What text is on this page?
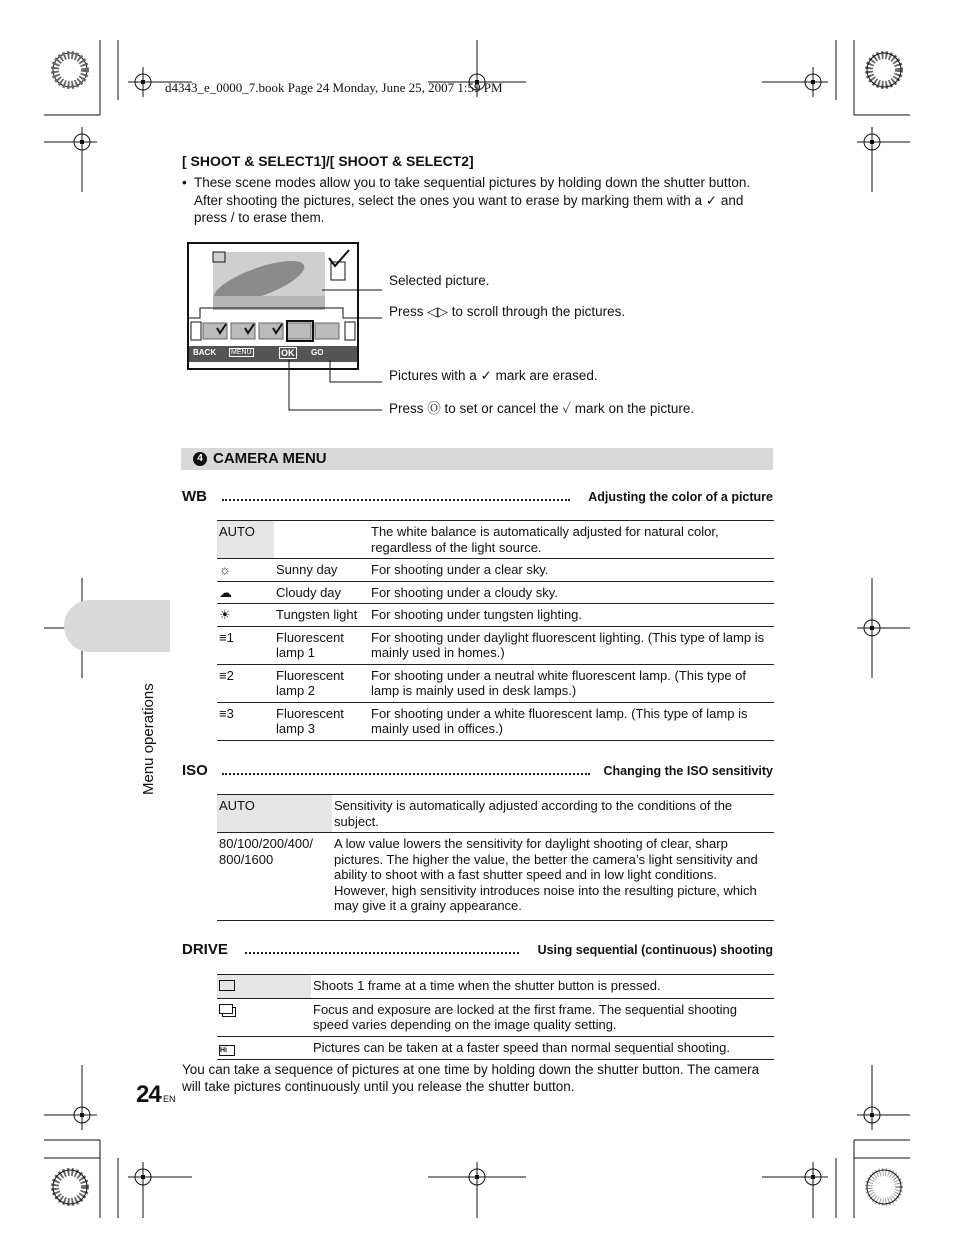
d4343_e_0000_7.book Page 24 Monday, June 25, 2007 1:59 PM
[ SHOOT & SELECT1]/[ SHOOT & SELECT2]
• These scene modes allow you to take sequential pictures by holding down the shutter button. After shooting the pictures, select the ones you want to erase by marking them with a ✓ and press / to erase them.
BACK MENU	OK GO
Selected picture.
Press ◁▷ to scroll through the pictures.
Pictures with a ✓ mark are erased.
Press Ⓞ to set or cancel the ✓ mark on the picture.
4 CAMERA MENU
WB	Adjusting the color of a picture
AUTO		The white balance is automatically adjusted for natural color, regardless of the light source.
☼	Sunny day	For shooting under a clear sky.
☁	Cloudy day	For shooting under a cloudy sky.
☀	Tungsten light	For shooting under tungsten lighting.
≡1	Fluorescent lamp 1	For shooting under daylight fluorescent lighting. (This type of lamp is mainly used in homes.)
≡2	Fluorescent lamp 2	For shooting under a neutral white fluorescent lamp. (This type of lamp is mainly used in desk lamps.)
≡3	Fluorescent lamp 3	For shooting under a white fluorescent lamp. (This type of lamp is mainly used in offices.)
ISO	Changing the ISO sensitivity
AUTO	Sensitivity is automatically adjusted according to the conditions of the subject.
80/100/200/400/ 800/1600	A low value lowers the sensitivity for daylight shooting of clear, sharp pictures. The higher the value, the better the camera’s light sensitivity and ability to shoot with a fast shutter speed and in low light conditions. However, high sensitivity introduces noise into the resulting picture, which may give it a grainy appearance.
DRIVE	Using sequential (continuous) shooting
	Shoots 1 frame at a time when the shutter button is pressed.
	Focus and exposure are locked at the first frame. The sequential shooting speed varies depending on the image quality setting.
Hi	Pictures can be taken at a faster speed than normal sequential shooting.
You can take a sequence of pictures at one time by holding down the shutter button. The camera will take pictures continuously until you release the shutter button.
Menu operations
24 EN
